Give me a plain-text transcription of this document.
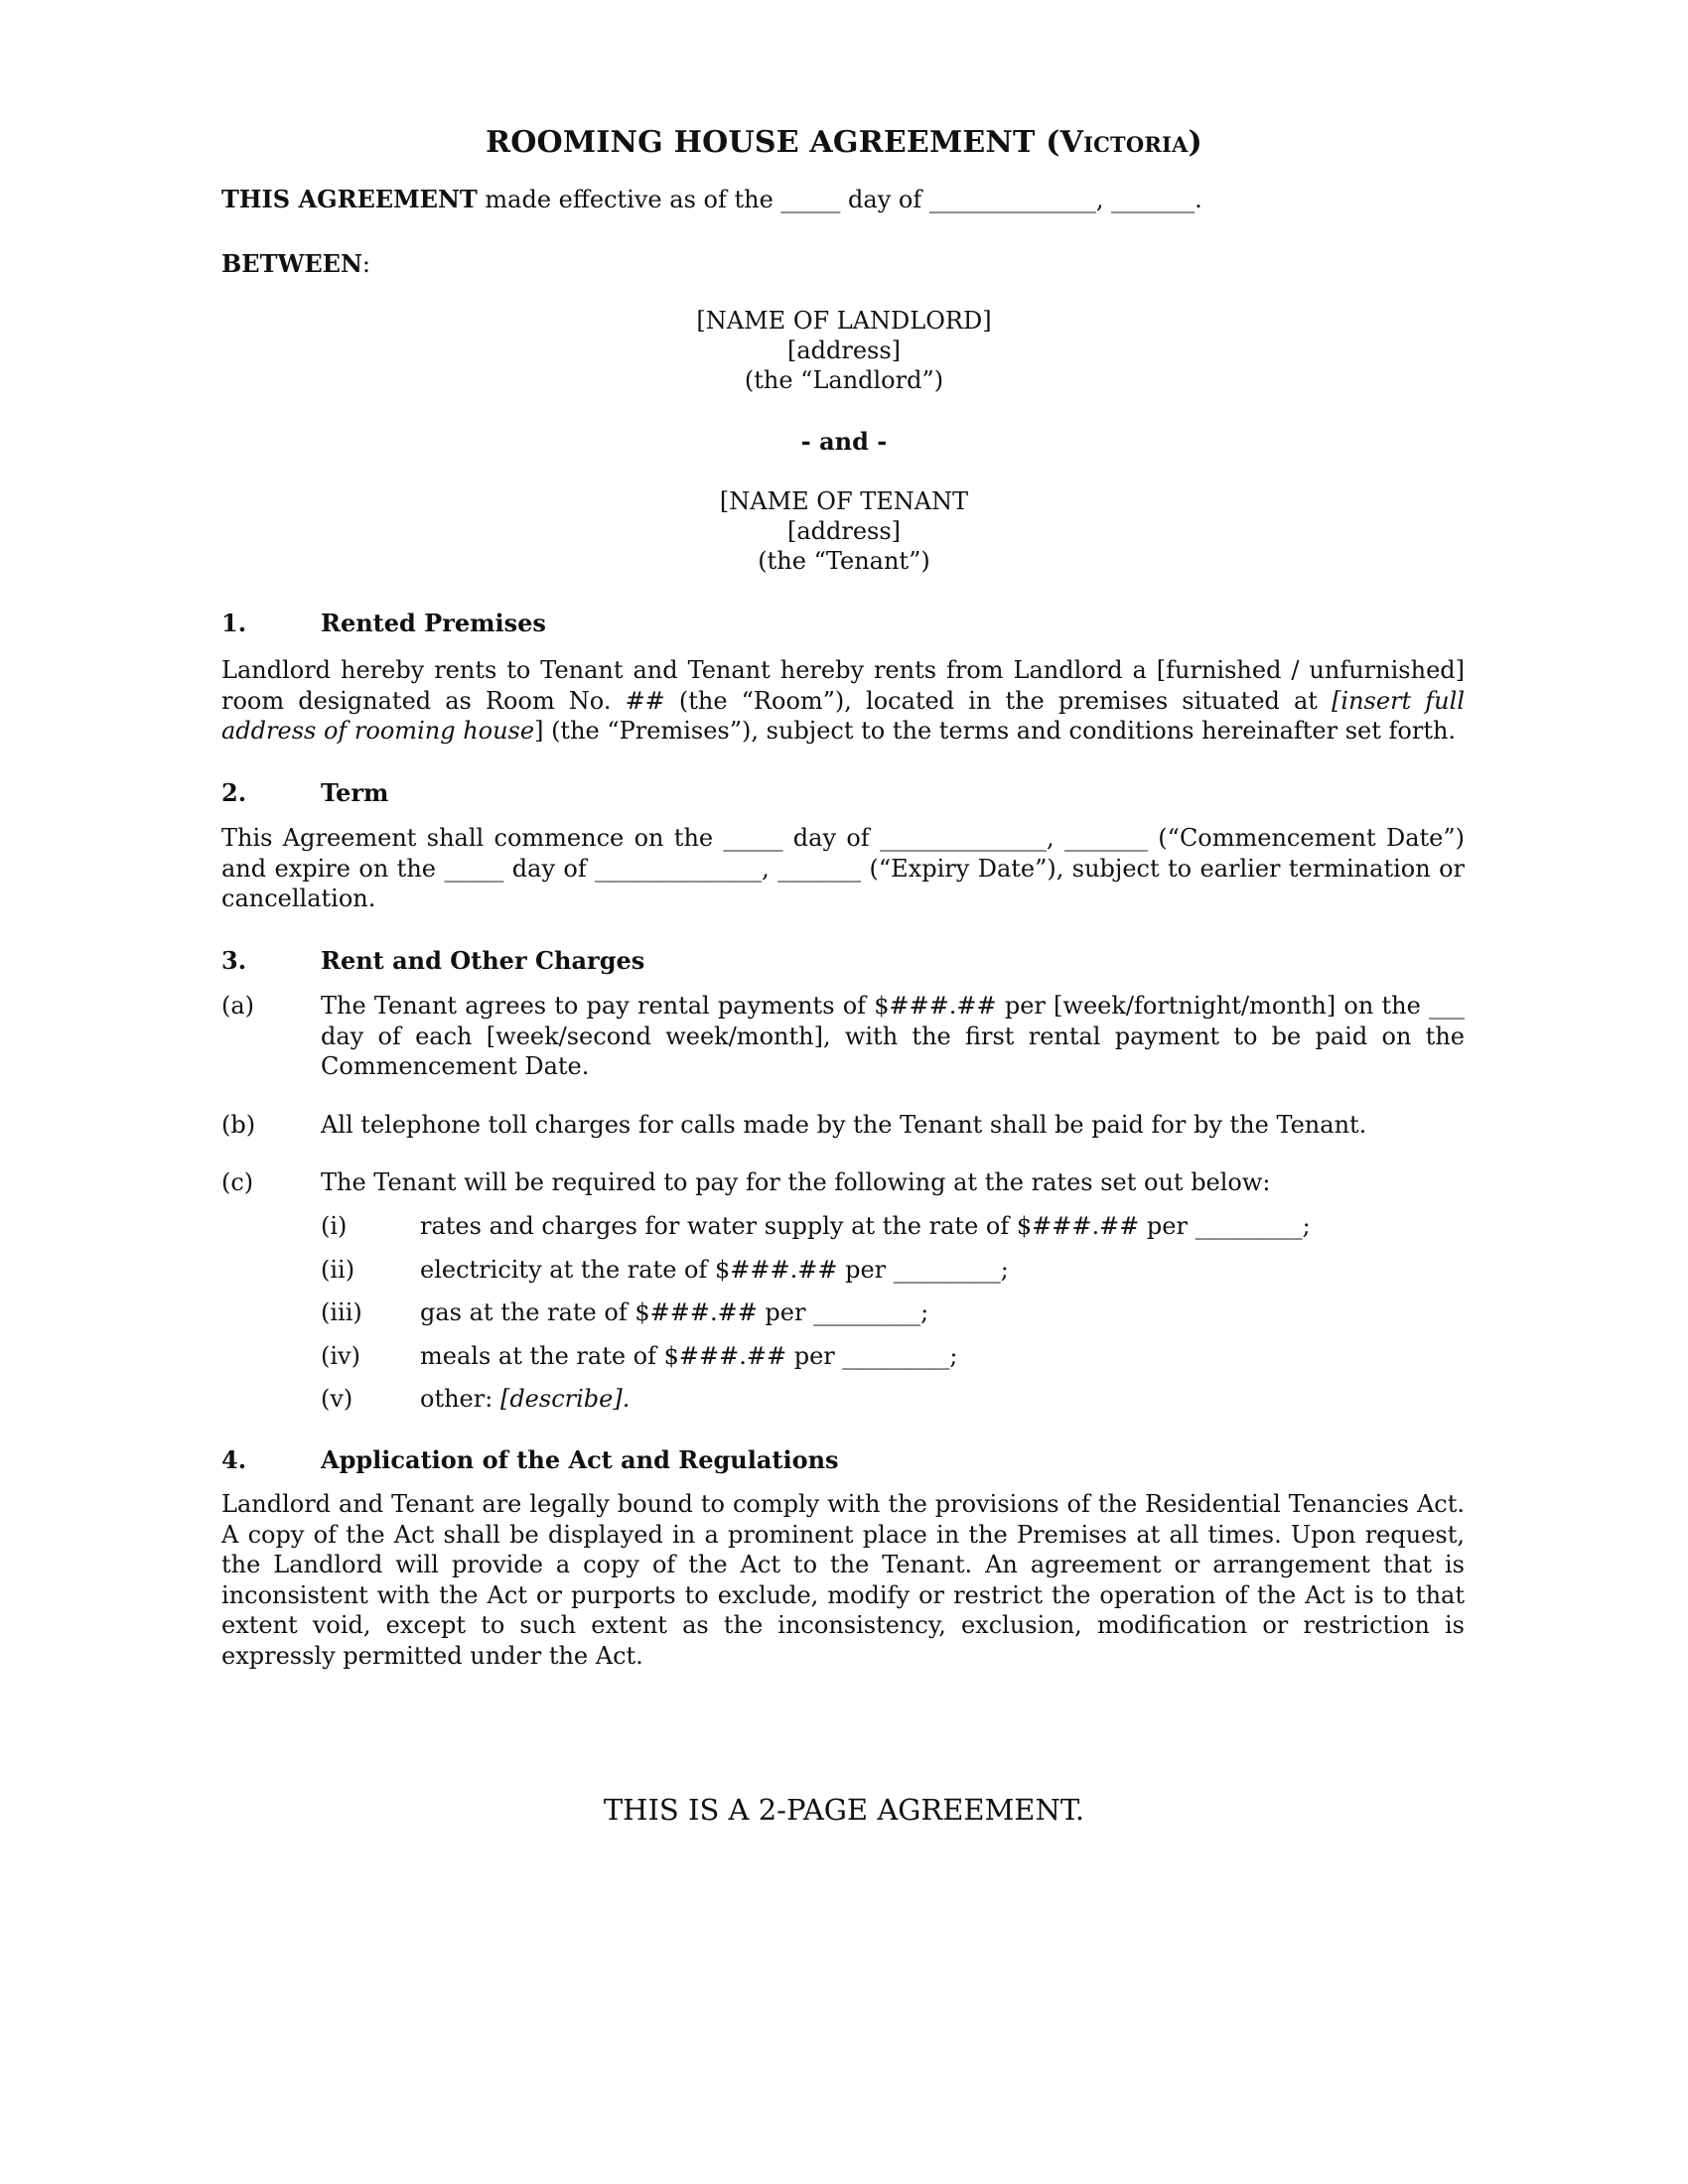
ROOMING HOUSE AGREEMENT (Victoria)
THIS AGREEMENT made effective as of the _____ day of ______________, _______.
BETWEEN:
[NAME OF LANDLORD]
[address]
(the “Landlord”)
- and -
[NAME OF TENANT
[address]
(the “Tenant”)
1.	Rented Premises
Landlord hereby rents to Tenant and Tenant hereby rents from Landlord a [furnished / unfurnished] room designated as Room No. ## (the “Room”), located in the premises situated at [insert full address of rooming house] (the “Premises”), subject to the terms and conditions hereinafter set forth.
2.	Term
This Agreement shall commence on the _____ day of ______________, _______ (“Commencement Date”) and expire on the _____ day of ______________, _______ (“Expiry Date”), subject to earlier termination or cancellation.
3.	Rent and Other Charges
(a)	The Tenant agrees to pay rental payments of $###.## per [week/fortnight/month] on the ___ day of each [week/second week/month], with the first rental payment to be paid on the Commencement Date.
(b)	All telephone toll charges for calls made by the Tenant shall be paid for by the Tenant.
(c)	The Tenant will be required to pay for the following at the rates set out below:
(i)	rates and charges for water supply at the rate of $###.## per _________;
(ii)	electricity at the rate of $###.## per _________;
(iii) gas at the rate of $###.## per _________;
(iv)	meals at the rate of $###.## per _________;
(v)	other: [describe].
4.	Application of the Act and Regulations
Landlord and Tenant are legally bound to comply with the provisions of the Residential Tenancies Act. A copy of the Act shall be displayed in a prominent place in the Premises at all times. Upon request, the Landlord will provide a copy of the Act to the Tenant. An agreement or arrangement that is inconsistent with the Act or purports to exclude, modify or restrict the operation of the Act is to that extent void, except to such extent as the inconsistency, exclusion, modification or restriction is expressly permitted under the Act.
THIS IS A 2-PAGE AGREEMENT.
